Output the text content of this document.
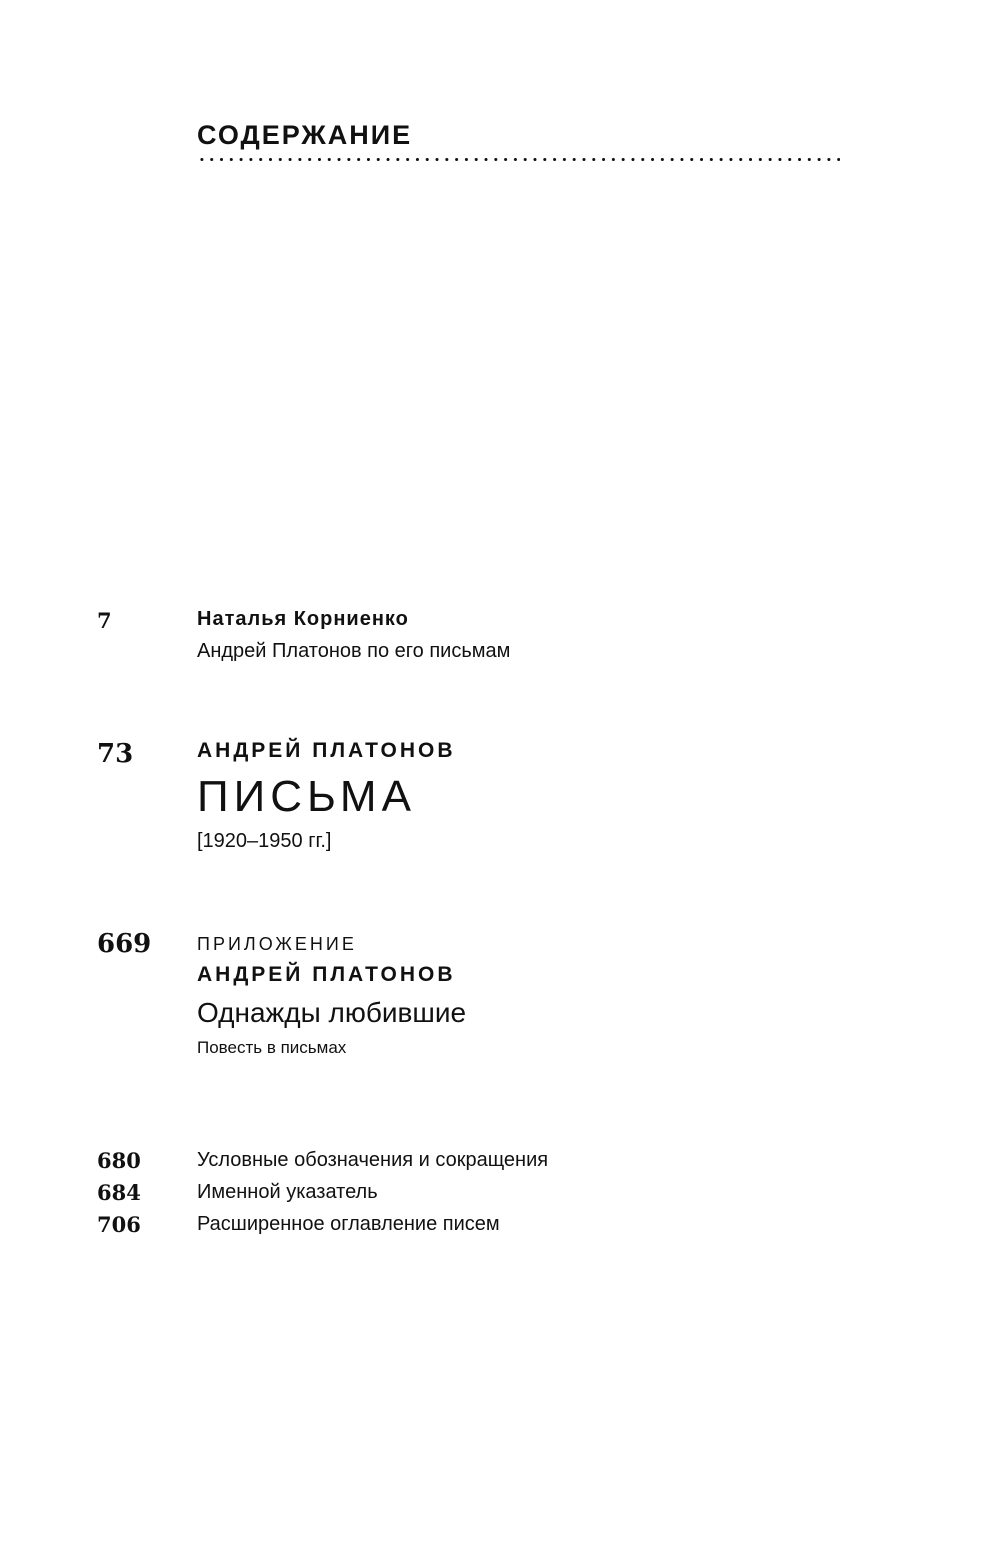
СОДЕРЖАНИЕ
7	Наталья Корниенко
Андрей Платонов по его письмам
73	АНДРЕЙ ПЛАТОНОВ
ПИСЬМА
[1920–1950 гг.]
669	ПРИЛОЖЕНИЕ
АНДРЕЙ ПЛАТОНОВ
Однажды любившие
Повесть в письмах
680	Условные обозначения и сокращения
684	Именной указатель
706	Расширенное оглавление писем
